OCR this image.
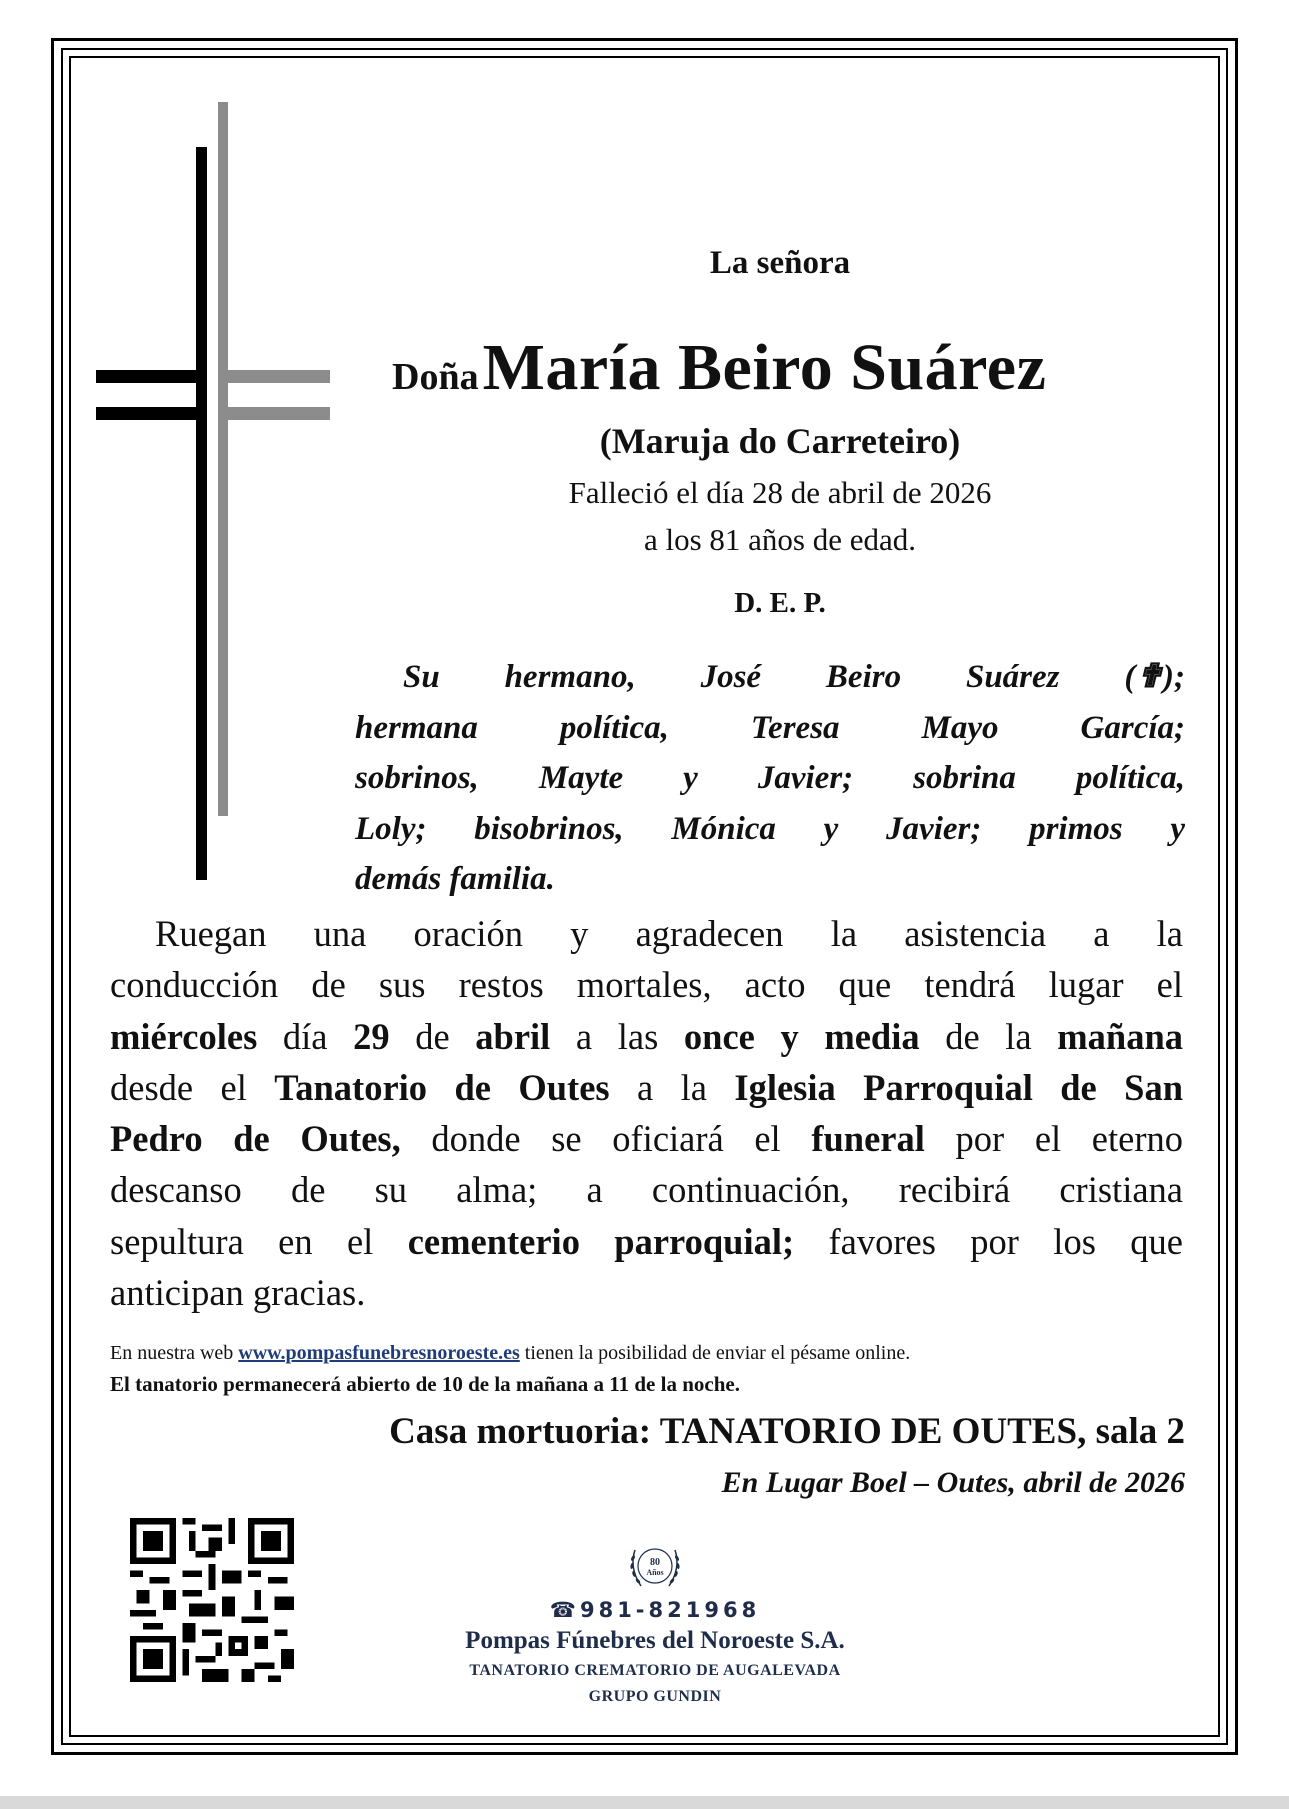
La señora
Doña María Beiro Suárez
(Maruja do Carreteiro)
Falleció el día 28 de abril de 2026
a los 81 años de edad.
D. E. P.
Su hermano, José Beiro Suárez (✟);
hermana política, Teresa Mayo García;
sobrinos, Mayte y Javier; sobrina política,
Loly; bisobrinos, Mónica y Javier; primos y
demás familia.
Ruegan una oración y agradecen la asistencia a la
conducción de sus restos mortales, acto que tendrá lugar el
miércoles día 29 de abril a las once y media de la mañana
desde el Tanatorio de Outes a la Iglesia Parroquial de San
Pedro de Outes, donde se oficiará el funeral por el eterno
descanso de su alma; a continuación, recibirá cristiana
sepultura en el cementerio parroquial; favores por los que
anticipan gracias.
En nuestra web www.pompasfunebresnoroeste.es tienen la posibilidad de enviar el pésame online.
El tanatorio permanecerá abierto de 10 de la mañana a 11 de la noche.
Casa mortuoria: TANATORIO DE OUTES, sala 2
En Lugar Boel – Outes, abril de 2026
80
Años
☎981-821968
Pompas Fúnebres del Noroeste S.A.
TANATORIO CREMATORIO DE AUGALEVADA
GRUPO GUNDIN
